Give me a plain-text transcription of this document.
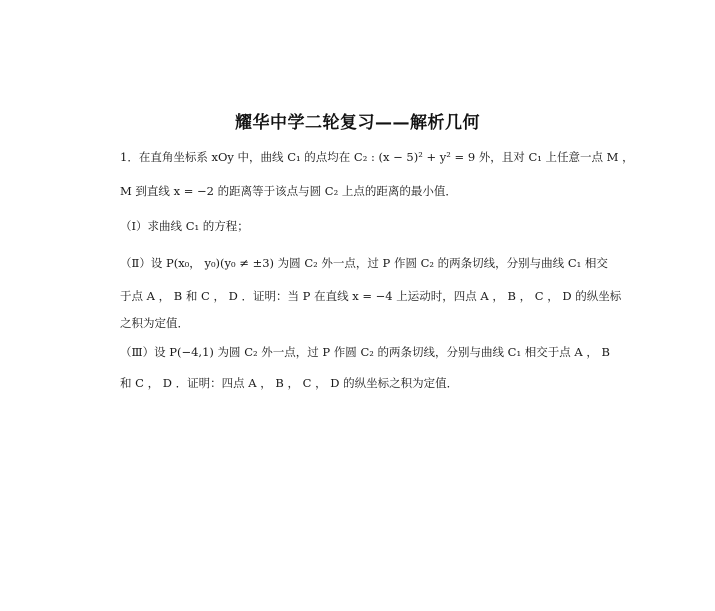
耀华中学二轮复习——解析几何
1．在直角坐标系 xOy 中，曲线 C₁ 的点均在 C₂ : (x − 5)² + y² = 9 外，且对 C₁ 上任意一点 M ，
M 到直线 x = −2 的距离等于该点与圆 C₂ 上点的距离的最小值．
（Ⅰ）求曲线 C₁ 的方程；
（Ⅱ）设 P(x₀， y₀)(y₀ ≠ ±3) 为圆 C₂ 外一点，过 P 作圆 C₂ 的两条切线，分别与曲线 C₁ 相交
于点 A ， B 和 C ， D ．证明：当 P 在直线 x = −4 上运动时，四点 A ， B ， C ， D 的纵坐标
之积为定值．
（Ⅲ）设 P(−4,1) 为圆 C₂ 外一点，过 P 作圆 C₂ 的两条切线，分别与曲线 C₁ 相交于点 A ， B
和 C ， D ．证明：四点 A ， B ， C ， D 的纵坐标之积为定值．
